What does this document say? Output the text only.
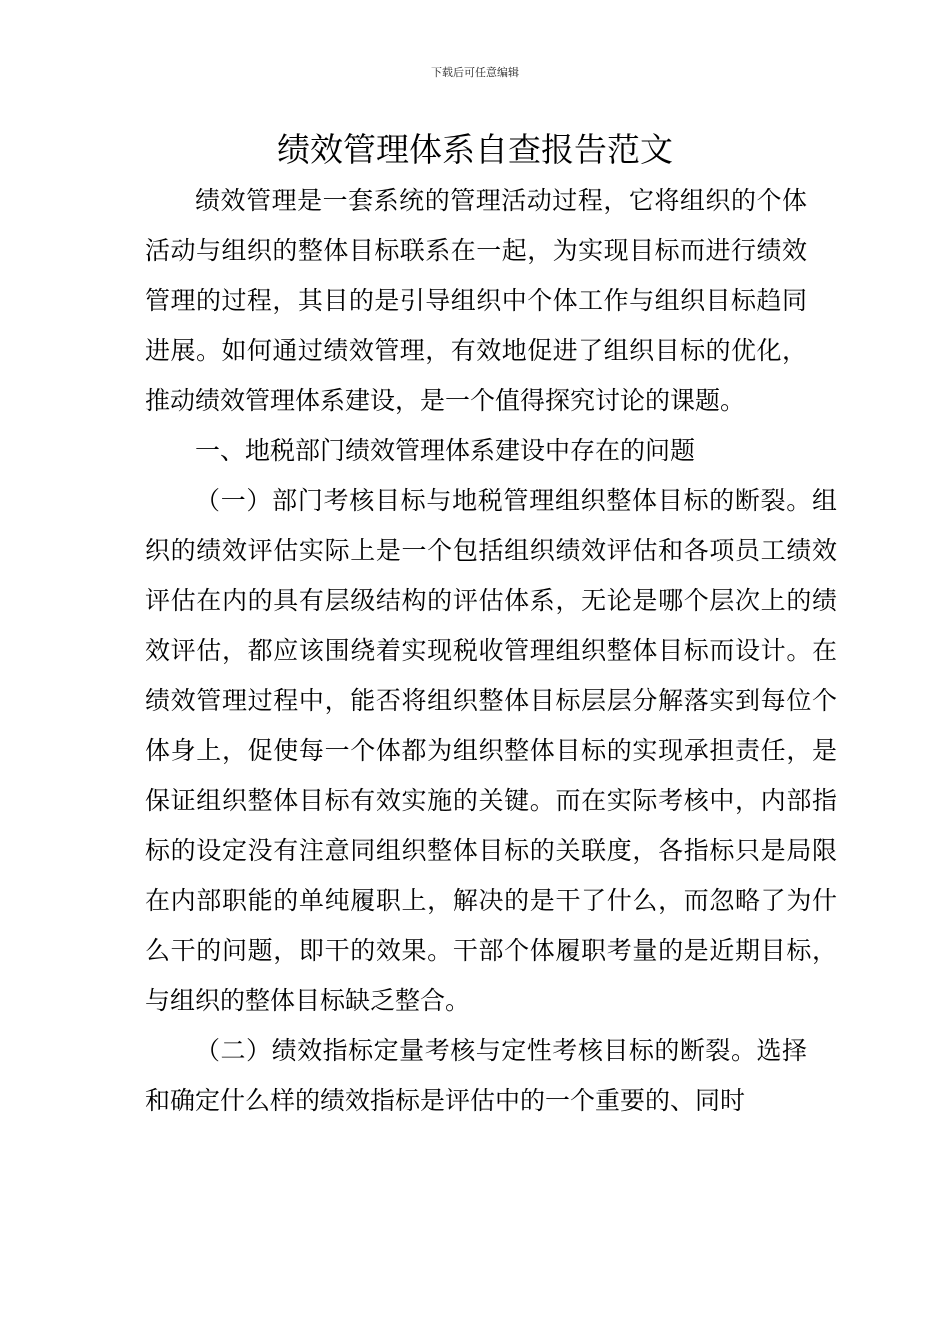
下载后可任意编辑
绩效管理体系自查报告范文

绩效管理是一套系统的管理活动过程，它将组织的个体活动与组织的整体目标联系在一起，为实现目标而进行绩效管理的过程，其目的是引导组织中个体工作与组织目标趋同进展。如何通过绩效管理，有效地促进了组织目标的优化，推动绩效管理体系建设，是一个值得探究讨论的课题。

一、地税部门绩效管理体系建设中存在的问题

（一）部门考核目标与地税管理组织整体目标的断裂。组织的绩效评估实际上是一个包括组织绩效评估和各项员工绩效评估在内的具有层级结构的评估体系，无论是哪个层次上的绩效评估，都应该围绕着实现税收管理组织整体目标而设计。在绩效管理过程中，能否将组织整体目标层层分解落实到每位个体身上，促使每一个体都为组织整体目标的实现承担责任，是保证组织整体目标有效实施的关键。而在实际考核中，内部指标的设定没有注意同组织整体目标的关联度，各指标只是局限在内部职能的单纯履职上，解决的是干了什么，而忽略了为什么干的问题，即干的效果。干部个体履职考量的是近期目标，与组织的整体目标缺乏整合。

（二）绩效指标定量考核与定性考核目标的断裂。选择和确定什么样的绩效指标是评估中的一个重要的、同时
